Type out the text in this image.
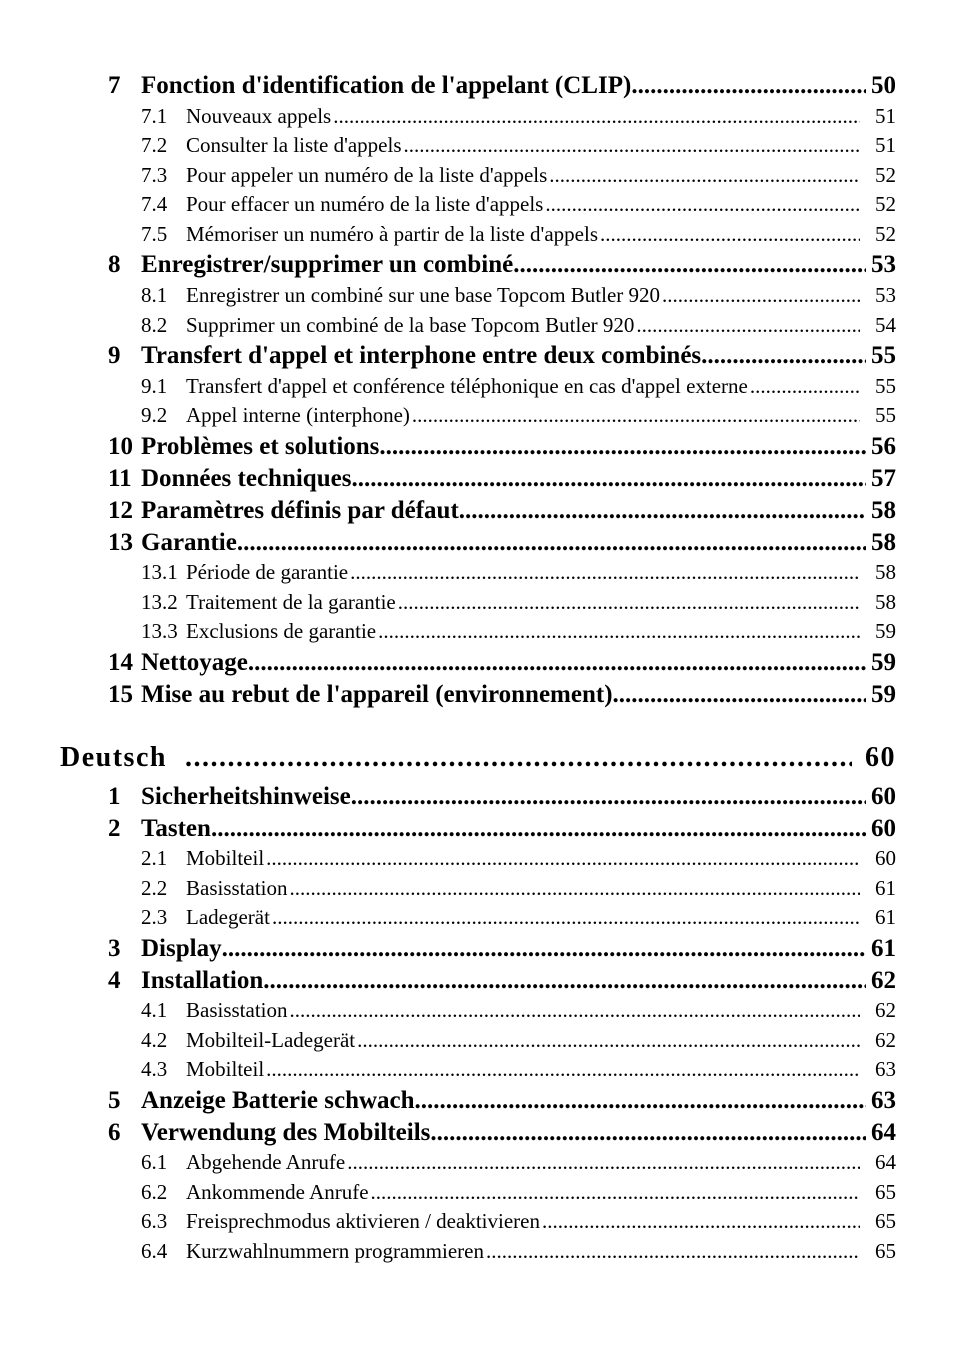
7 Fonction d'identification de l'appelant (CLIP) .....	50
7.1 Nouveaux appels .....	51
7.2 Consulter la liste d'appels .....	51
7.3 Pour appeler un numéro de la liste d'appels .....	52
7.4 Pour effacer un numéro de la liste d'appels .....	52
7.5 Mémoriser un numéro à partir de la liste d'appels .....	52
8 Enregistrer/supprimer un combiné .....	53
8.1 Enregistrer un combiné sur une base Topcom Butler 920 .....	53
8.2 Supprimer un combiné de la base Topcom Butler 920 .....	54
9 Transfert d'appel et interphone entre deux combinés .....	55
9.1 Transfert d'appel et conférence téléphonique en cas d'appel externe .....	55
9.2 Appel interne (interphone) .....	55
10 Problèmes et solutions .....	56
11 Données techniques .....	57
12 Paramètres définis par défaut .....	58
13 Garantie .....	58
13.1 Période de garantie .....	58
13.2 Traitement de la garantie .....	58
13.3 Exclusions de garantie .....	59
14 Nettoyage .....	59
15 Mise au rebut de l'appareil (environnement) .....	59
Deutsch .....	60
1 Sicherheitshinweise .....	60
2 Tasten .....	60
2.1 Mobilteil .....	60
2.2 Basisstation .....	61
2.3 Ladegerät .....	61
3 Display .....	61
4 Installation .....	62
4.1 Basisstation .....	62
4.2 Mobilteil-Ladegerät .....	62
4.3 Mobilteil .....	63
5 Anzeige Batterie schwach .....	63
6 Verwendung des Mobilteils .....	64
6.1 Abgehende Anrufe .....	64
6.2 Ankommende Anrufe .....	65
6.3 Freisprechmodus aktivieren / deaktivieren .....	65
6.4 Kurzwahlnummern programmieren .....	65
